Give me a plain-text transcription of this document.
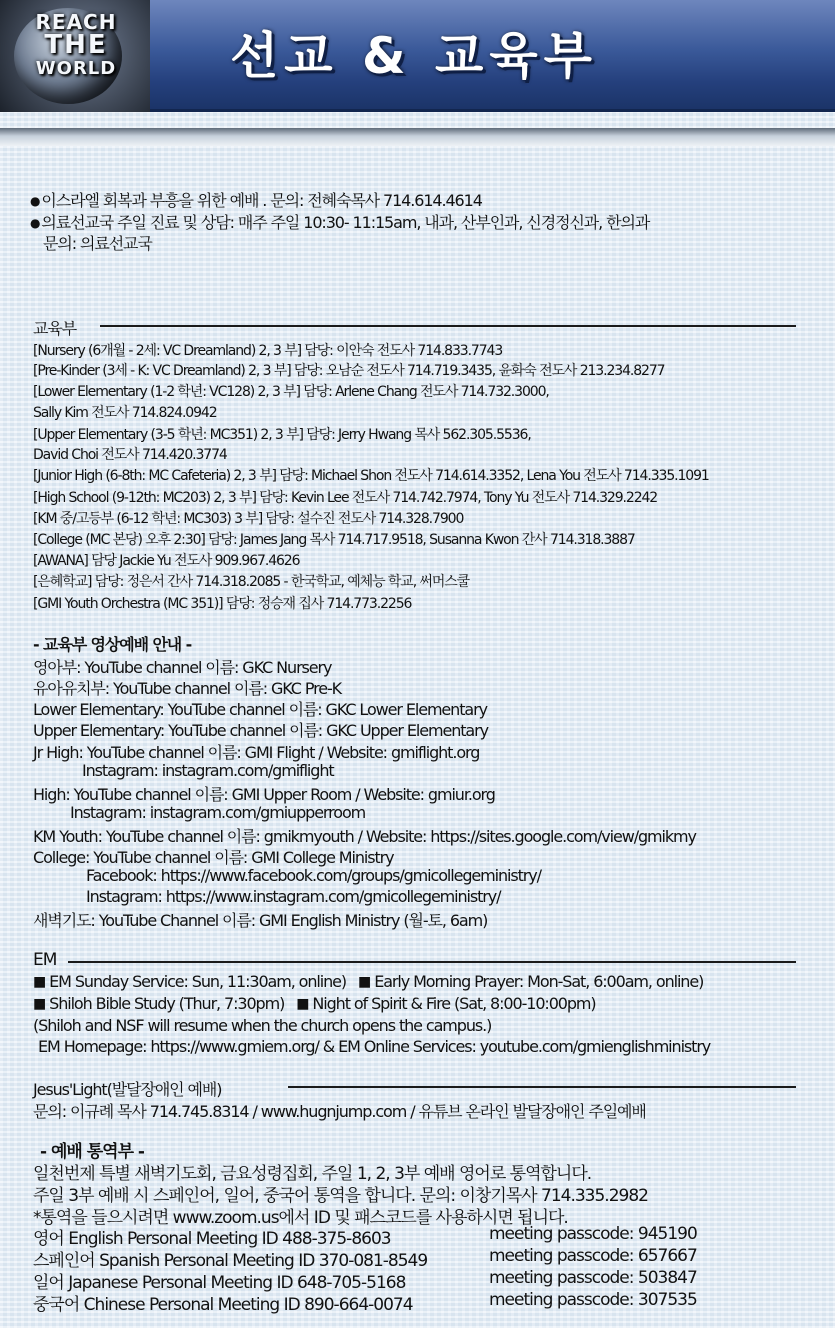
REACH
THE
WORLD	선교 & 교육부
● 이스라엘 회복과 부흥을 위한 예배 . 문의: 전혜숙목사 714.614.4614
● 의료선교국 주일 진료 및 상담: 매주 주일 10:30- 11:15am, 내과, 산부인과, 신경정신과, 한의과
문의: 의료선교국
교육부
[Nursery (6개월 - 2세: VC Dreamland) 2, 3 부] 담당: 이안숙 전도사 714.833.7743
[Pre-Kinder (3세 - K: VC Dreamland) 2, 3 부] 담당: 오남순 전도사 714.719.3435, 윤화숙 전도사 213.234.8277
[Lower Elementary (1-2 학년: VC128) 2, 3 부] 담당: Arlene Chang 전도사 714.732.3000,
Sally Kim 전도사 714.824.0942
[Upper Elementary (3-5 학년: MC351) 2, 3 부] 담당: Jerry Hwang 목사 562.305.5536,
David Choi 전도사 714.420.3774
[Junior High (6-8th: MC Cafeteria) 2, 3 부] 담당: Michael Shon 전도사 714.614.3352, Lena You 전도사 714.335.1091
[High School (9-12th: MC203) 2, 3 부] 담당: Kevin Lee 전도사 714.742.7974, Tony Yu 전도사 714.329.2242
[KM 중/고등부 (6-12 학년: MC303) 3 부] 담당: 설수진 전도사 714.328.7900
[College (MC 본당) 오후 2:30] 담당: James Jang 목사 714.717.9518, Susanna Kwon 간사 714.318.3887
[AWANA] 담당 Jackie Yu 전도사 909.967.4626
[은혜학교] 담당: 정은서 간사 714.318.2085 - 한국학교, 예체능 학교, 써머스쿨
[GMI Youth Orchestra (MC 351)] 담당: 정승재 집사 714.773.2256
- 교육부 영상예배 안내 -
영아부: YouTube channel 이름: GKC Nursery
유아유치부: YouTube channel 이름: GKC Pre-K
Lower Elementary: YouTube channel 이름: GKC Lower Elementary
Upper Elementary: YouTube channel 이름: GKC Upper Elementary
Jr High: YouTube channel 이름: GMI Flight / Website: gmiflight.org
Instagram: instagram.com/gmiflight
High: YouTube channel 이름: GMI Upper Room / Website: gmiur.org
Instagram: instagram.com/gmiupperroom
KM Youth: YouTube channel 이름: gmikmyouth / Website: https://sites.google.com/view/gmikmy
College: YouTube channel 이름: GMI College Ministry
Facebook: https://www.facebook.com/groups/gmicollegeministry/
Instagram: https://www.instagram.com/gmicollegeministry/
새벽기도: YouTube Channel 이름: GMI English Ministry (월-토, 6am)
EM
■ EM Sunday Service: Sun, 11:30am, online) ■ Early Morning Prayer: Mon-Sat, 6:00am, online)
■ Shiloh Bible Study (Thur, 7:30pm) ■ Night of Spirit & Fire (Sat, 8:00-10:00pm)
(Shiloh and NSF will resume when the church opens the campus.)
EM Homepage: https://www.gmiem.org/ & EM Online Services: youtube.com/gmienglishministry
Jesus'Light(발달장애인 예배)
문의: 이규례 목사 714.745.8314 / www.hugnjump.com / 유튜브 온라인 발달장애인 주일예배
- 예배 통역부 -
일천번제 특별 새벽기도회, 금요성령집회, 주일 1, 2, 3부 예배 영어로 통역합니다.
주일 3부 예배 시 스페인어, 일어, 중국어 통역을 합니다. 문의: 이창기목사 714.335.2982
*통역을 들으시려면 www.zoom.us에서 ID 및 패스코드를 사용하시면 됩니다.
영어 English Personal Meeting ID 488-375-8603	meeting passcode: 945190
스페인어 Spanish Personal Meeting ID 370-081-8549	meeting passcode: 657667
일어 Japanese Personal Meeting ID 648-705-5168	meeting passcode: 503847
중국어 Chinese Personal Meeting ID 890-664-0074	meeting passcode: 307535
